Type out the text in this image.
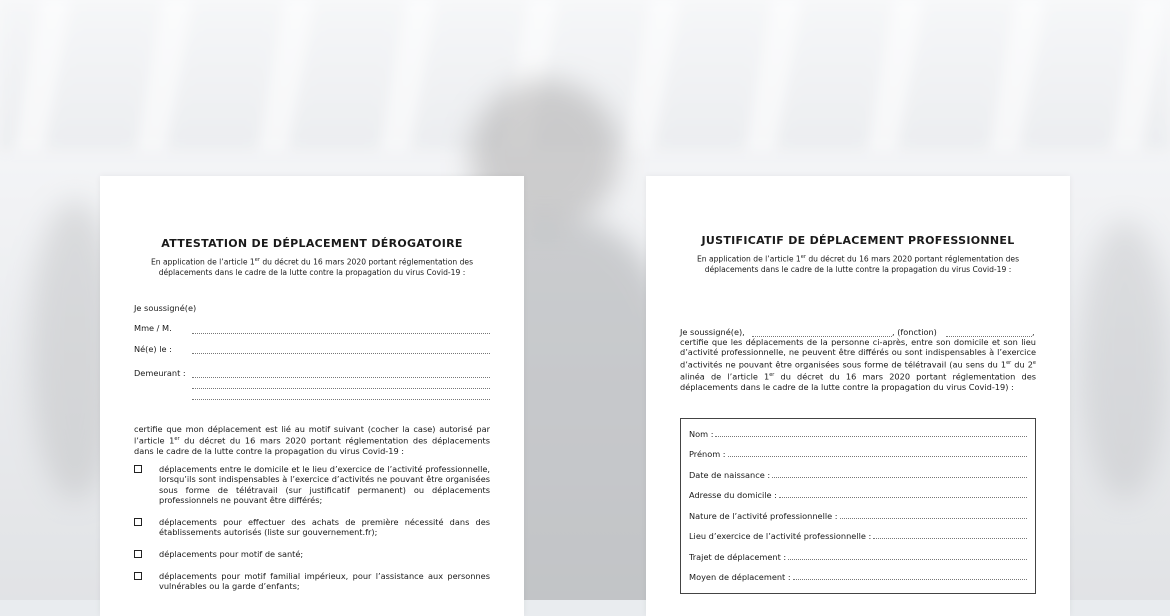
ATTESTATION DE DÉPLACEMENT DÉROGATOIRE
En application de l’article 1er du décret du 16 mars 2020 portant réglementation des déplacements dans le cadre de la lutte contre la propagation du virus Covid-19 :
Je soussigné(e)
Mme / M.
Né(e) le :
Demeurant :
certifie que mon déplacement est lié au motif suivant (cocher la case) autorisé par l’article 1er du décret du 16 mars 2020 portant réglementation des déplacements dans le cadre de la lutte contre la propagation du virus Covid-19 :
déplacements entre le domicile et le lieu d’exercice de l’activité professionnelle, lorsqu’ils sont indispensables à l’exercice d’activités ne pouvant être organisées sous forme de télétravail (sur justificatif permanent) ou déplacements professionnels ne pouvant être différés;
déplacements pour effectuer des achats de première nécessité dans des établissements autorisés (liste sur gouvernement.fr);
déplacements pour motif de santé;
déplacements pour motif familial impérieux, pour l’assistance aux personnes vulnérables ou la garde d’enfants;
JUSTIFICATIF DE DÉPLACEMENT PROFESSIONNEL
En application de l’article 1er du décret du 16 mars 2020 portant réglementation des déplacements dans le cadre de la lutte contre la propagation du virus Covid-19 :
Je soussigné(e),	, (fonction)	,
certifie que les déplacements de la personne ci-après, entre son domicile et son lieu d’activité professionnelle, ne peuvent être différés ou sont indispensables à l’exercice d’activités ne pouvant être organisées sous forme de télétravail (au sens du 1er du 2e alinéa de l’article 1er du décret du 16 mars 2020 portant réglementation des déplacements dans le cadre de la lutte contre la propagation du virus Covid-19) :
Nom :
Prénom :
Date de naissance :
Adresse du domicile :
Nature de l’activité professionnelle :
Lieu d’exercice de l’activité professionnelle :
Trajet de déplacement :
Moyen de déplacement :
